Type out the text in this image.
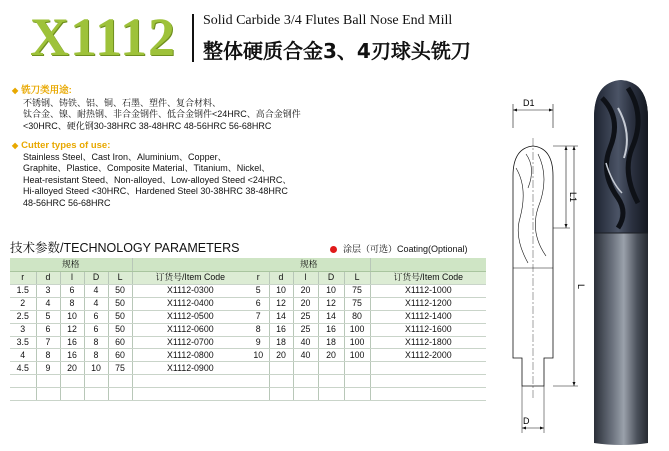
X1112 Solid Carbide 3/4 Flutes Ball Nose End Mill
整体硬质合金3、4刃球头铣刀
◆ 铣刀类用途:
不锈钢、铸铁、铝、铜、石墨、塑件、复合材料、
钛合金、镍、耐热钢、非合金钢件、低合金钢件<24HRC、高合金钢件
<30HRC、硬化钢30-38HRC 38-48HRC 48-56HRC 56-68HRC
◆ Cutter types of use:
Stainless Steel、Cast Iron、Aluminium、Copper、
Graphite、Plastice、Composite Material、Titanium、Nickel、
Heat-resistant Steed、Non-alloyed、Low-alloyed Steed <24HRC、
Hi-alloyed Steed <30HRC、Hardened Steel 30-38HRC 38-48HRC
48-56HRC 56-68HRC
技术参数/TECHNOLOGY PARAMETERS	涂层（可选）Coating(Optional)
规格					
r	d	l	D	L	订货号/Item Code
1.5	3	6	4	50	X1112-0300
2	4	8	4	50	X1112-0400
2.5	5	10	6	50	X1112-0500
3	6	12	6	50	X1112-0600
3.5	7	16	8	60	X1112-0700
4	8	16	8	60	X1112-0800
4.5	9	20	10	75	X1112-0900

规格					
r	d	l	D	L	订货号/Item Code
5	10	20	10	75	X1112-1000
6	12	20	12	75	X1112-1200
7	14	25	14	80	X1112-1400
8	16	25	16	100	X1112-1600
9	18	40	18	100	X1112-1800
10	20	40	20	100	X1112-2000

D1
L1
L
D
